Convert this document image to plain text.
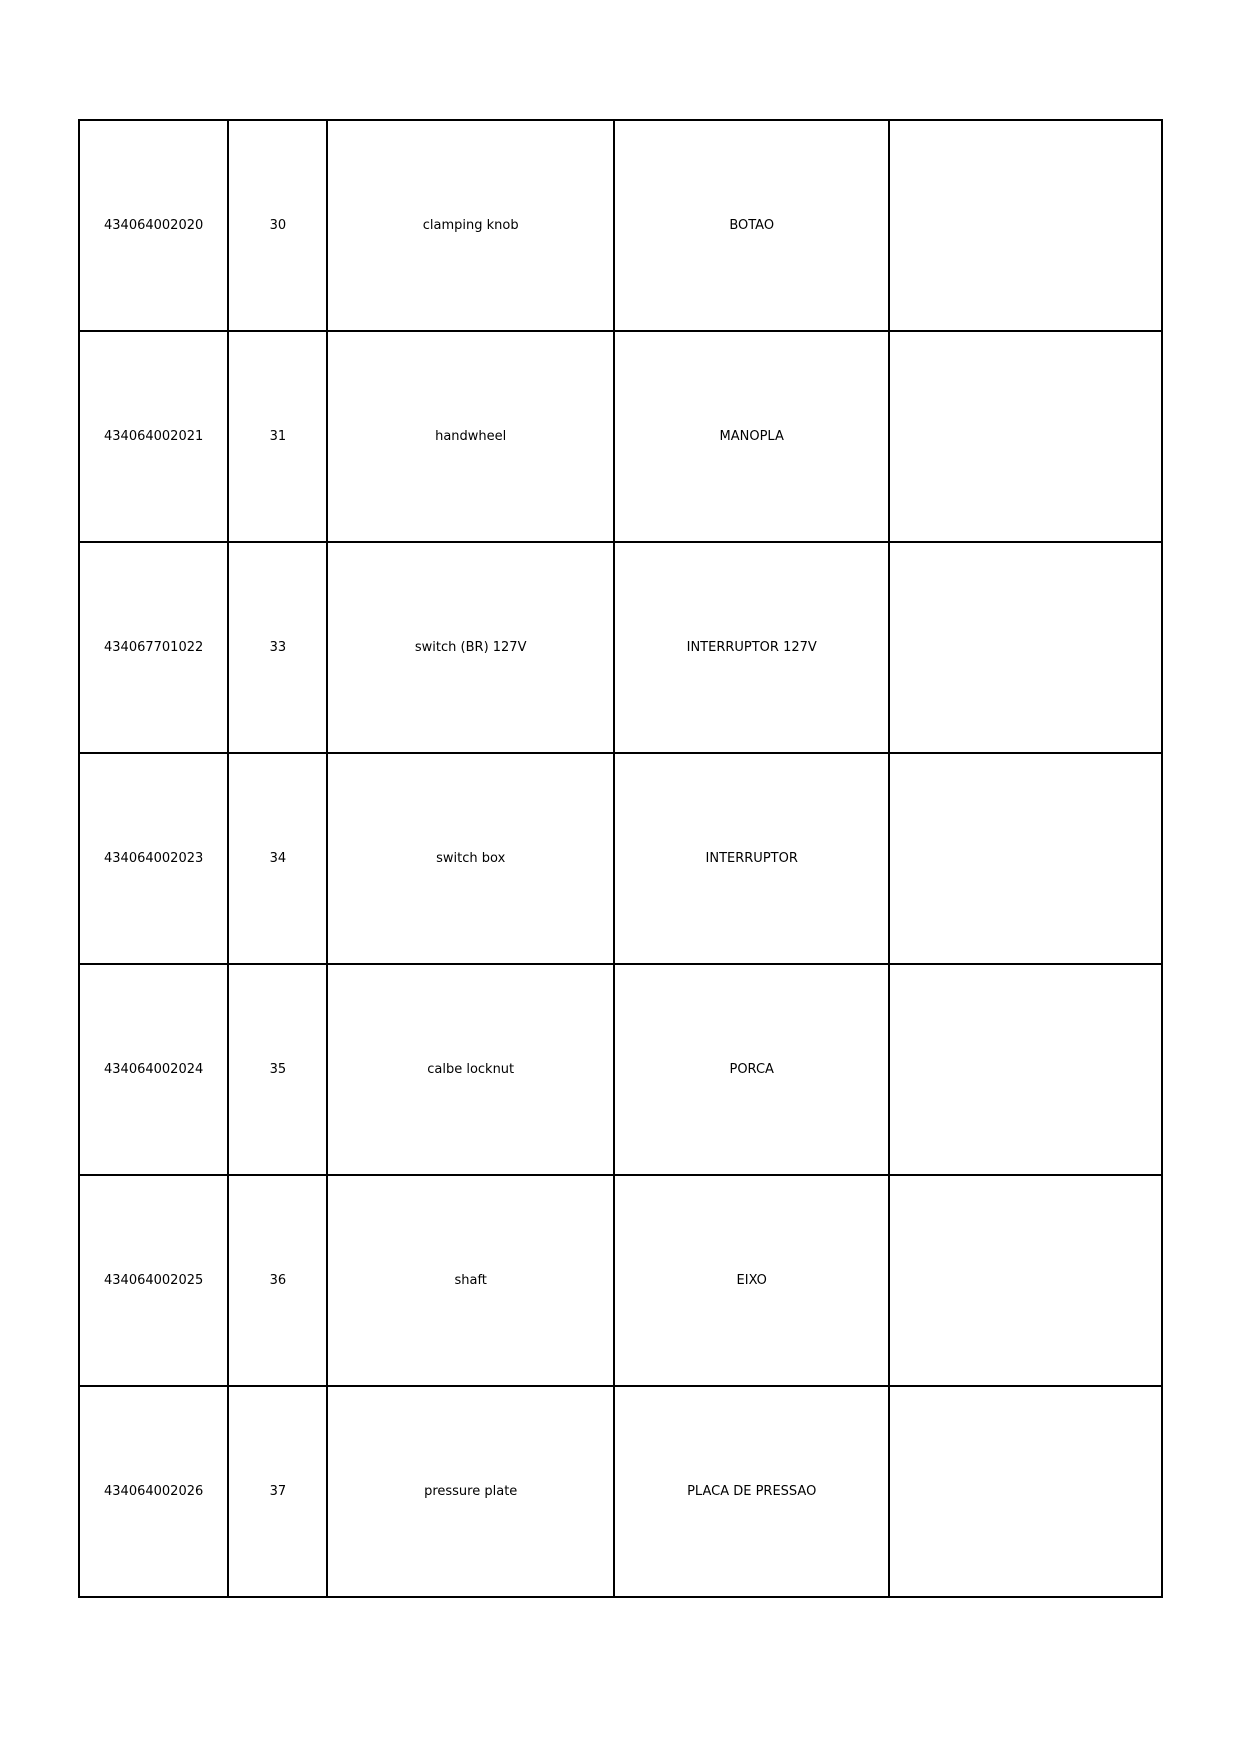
434064002020	30	clamping knob	BOTAO	
434064002021	31	handwheel	MANOPLA	
434067701022	33	switch (BR) 127V	INTERRUPTOR 127V	
434064002023	34	switch box	INTERRUPTOR	
434064002024	35	calbe locknut	PORCA	
434064002025	36	shaft	EIXO	
434064002026	37	pressure plate	PLACA DE PRESSAO	
